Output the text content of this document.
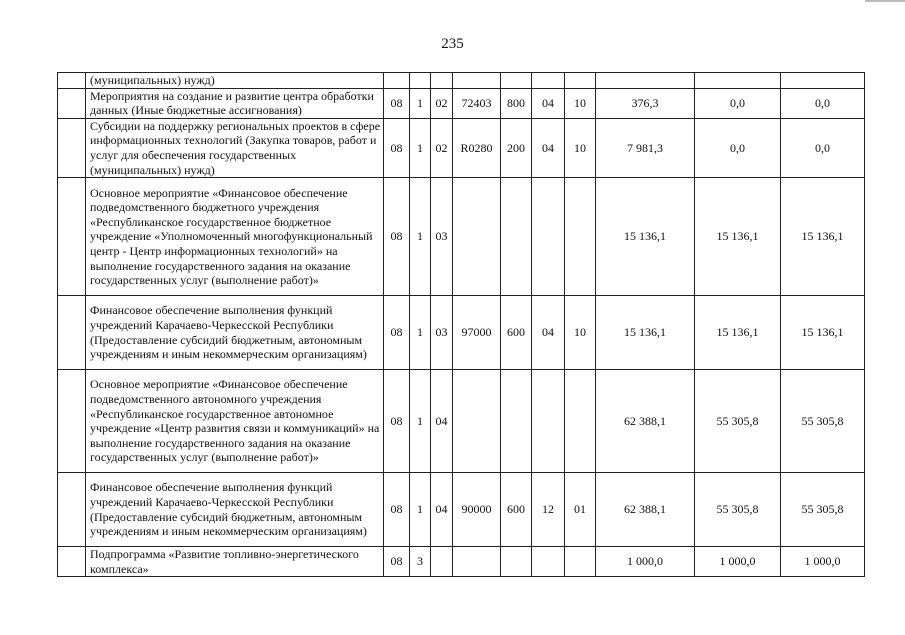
235
	(муниципальных) нужд)										
	Мероприятия на создание и развитие центра обработки данных (Иные бюджетные ассигнования)	08	1	02	72403	800	04	10	376,3	0,0	0,0
	Субсидии на поддержку региональных проектов в сфере информационных технологий (Закупка товаров, работ и услуг для обеспечения государственных (муниципальных) нужд)	08	1	02	R0280	200	04	10	7 981,3	0,0	0,0
	Основное мероприятие «Финансовое обеспечение подведомственного бюджетного учреждения «Республиканское государственное бюджетное учреждение «Уполномоченный многофункциональный центр - Центр информационных технологий» на выполнение государственного задания на оказание государственных услуг (выполнение работ)»	08	1	03					15 136,1	15 136,1	15 136,1
	Финансовое обеспечение выполнения функций учреждений Карачаево-Черкесской Республики (Предоставление субсидий бюджетным, автономным учреждениям и иным некоммерческим организациям)	08	1	03	97000	600	04	10	15 136,1	15 136,1	15 136,1
	Основное мероприятие «Финансовое обеспечение подведомственного автономного учреждения «Республиканское государственное автономное учреждение «Центр развития связи и коммуникаций» на выполнение государственного задания на оказание государственных услуг (выполнение работ)»	08	1	04					62 388,1	55 305,8	55 305,8
	Финансовое обеспечение выполнения функций учреждений Карачаево-Черкесской Республики (Предоставление субсидий бюджетным, автономным учреждениям и иным некоммерческим организациям)	08	1	04	90000	600	12	01	62 388,1	55 305,8	55 305,8
	Подпрограмма «Развитие топливно-энергетического комплекса»	08	3						1 000,0	1 000,0	1 000,0
